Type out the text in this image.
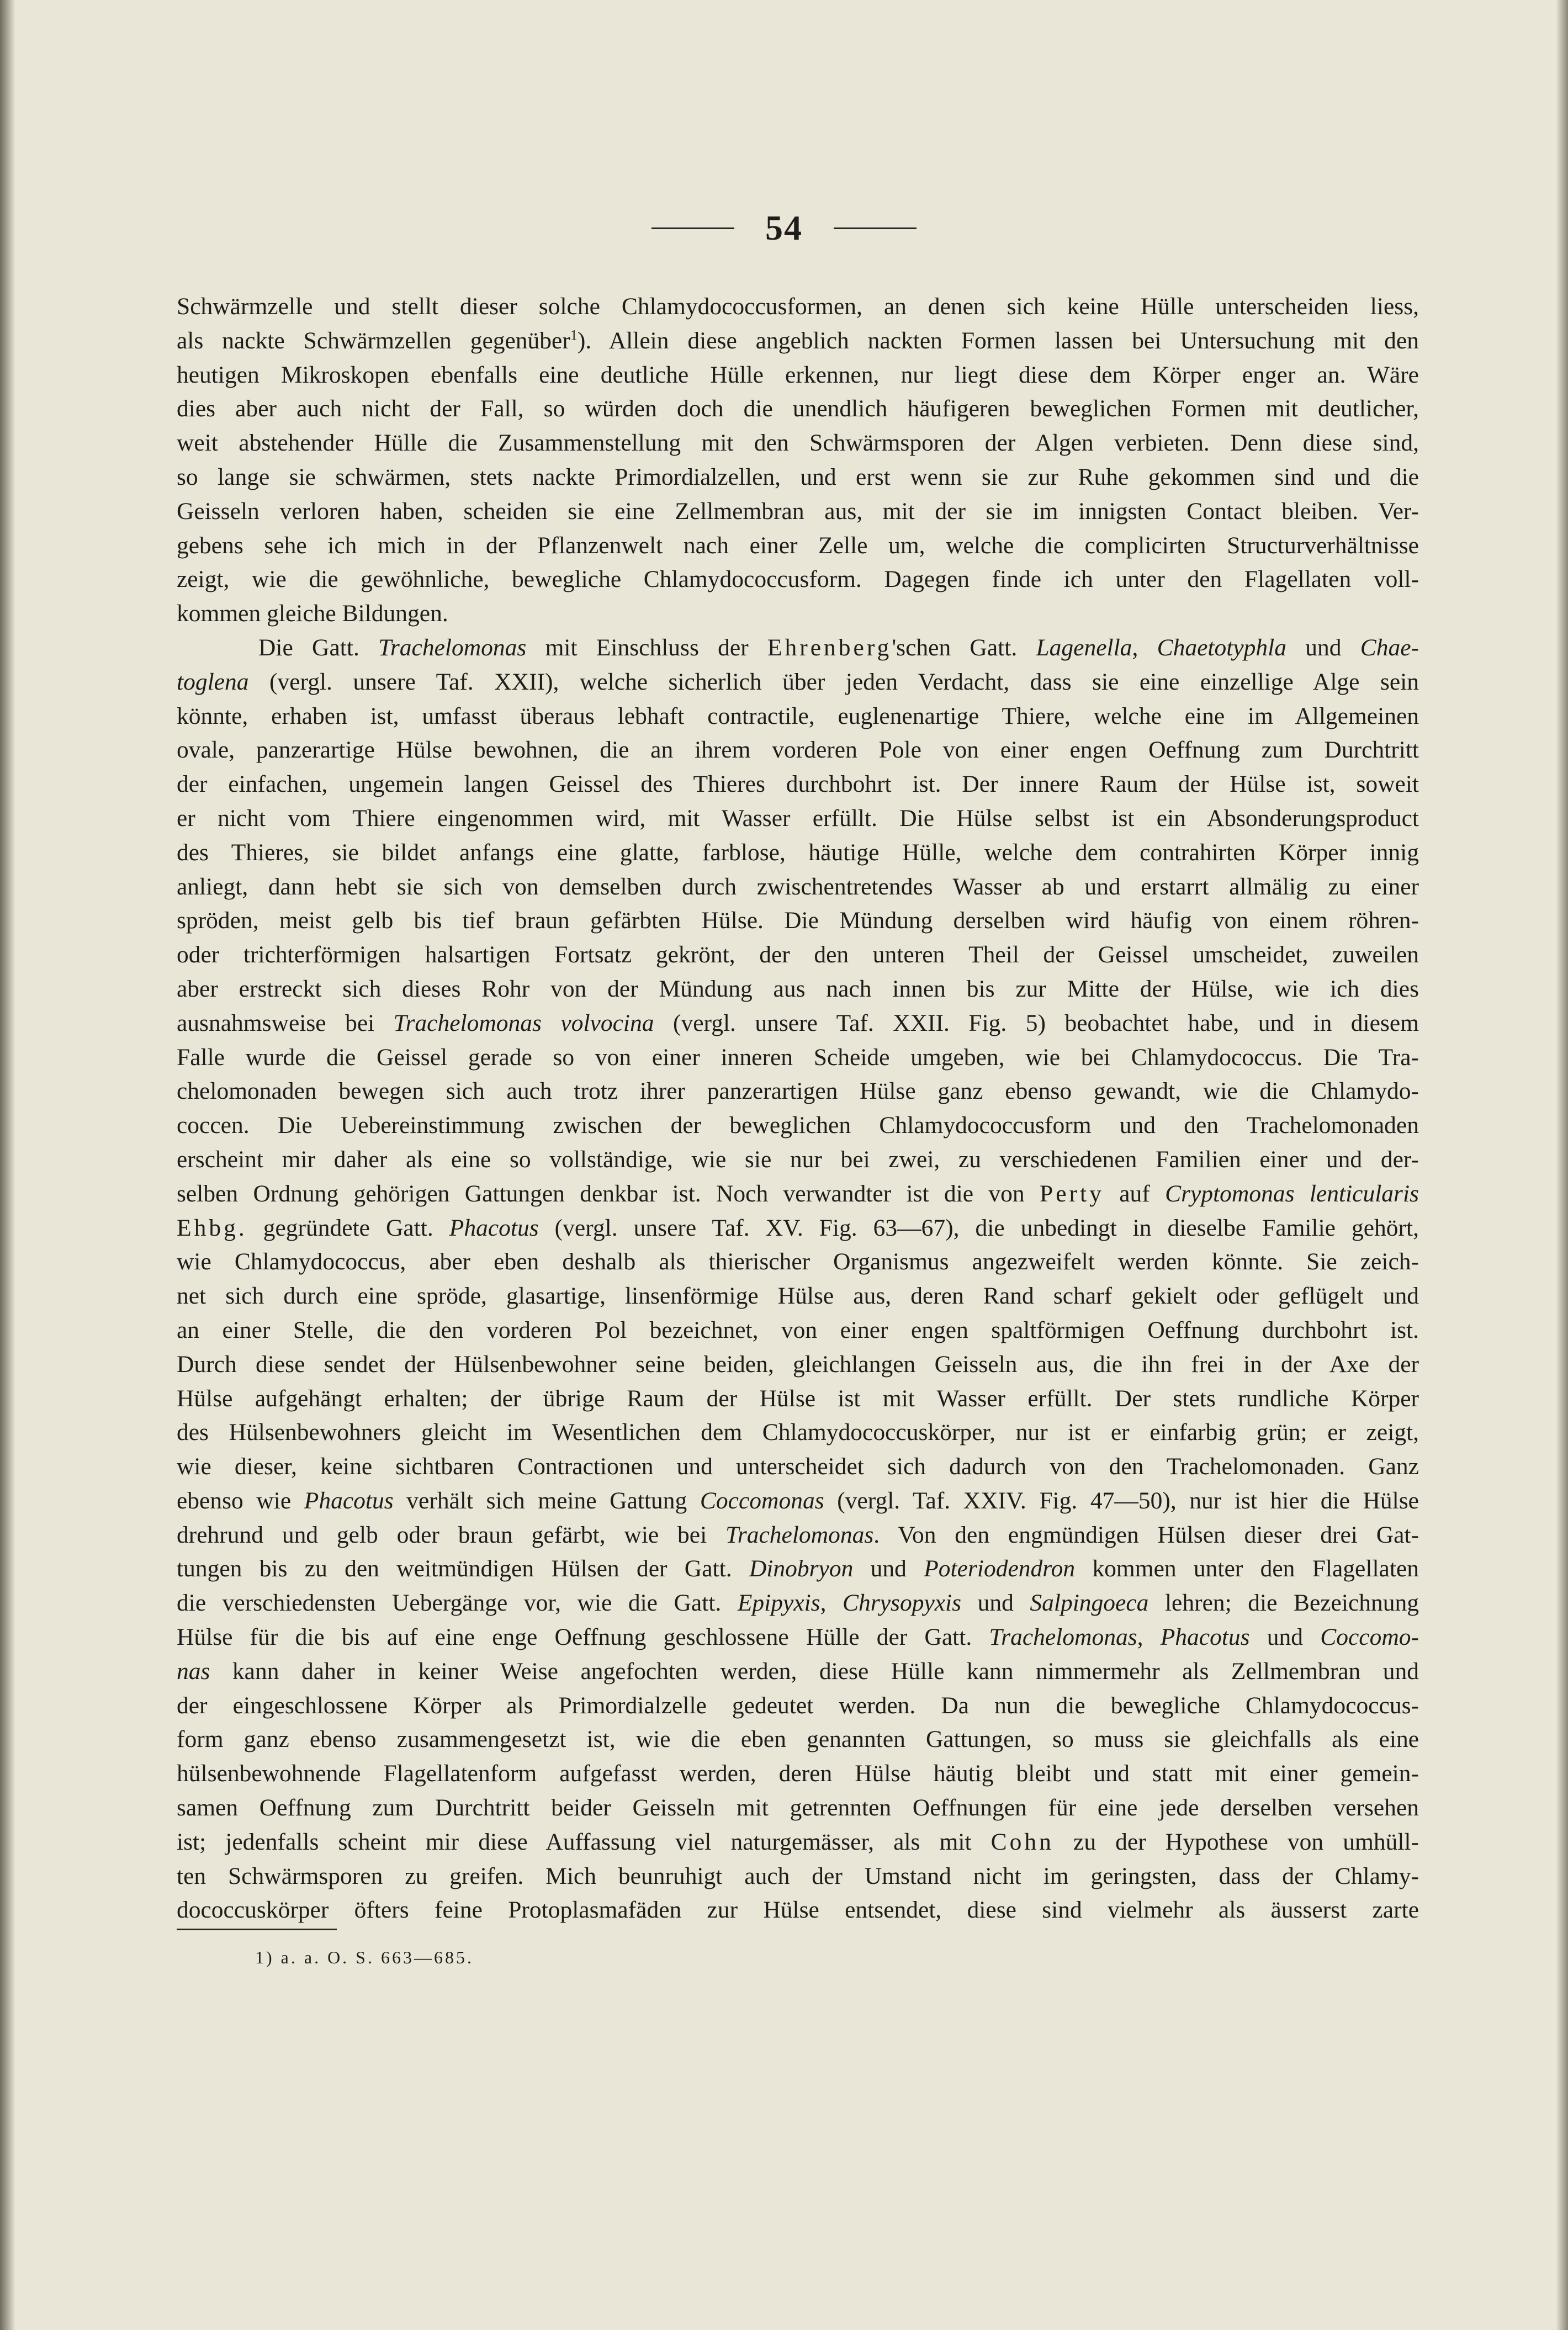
54
Schwärmzelle und stellt dieser solche Chlamydococcusformen, an denen sich keine Hülle unterscheiden liess,
als nackte Schwärmzellen gegenüber$^1$). Allein diese angeblich nackten Formen lassen bei Untersuchung mit den
heutigen Mikroskopen ebenfalls eine deutliche Hülle erkennen, nur liegt diese dem Körper enger an. Wäre
dies aber auch nicht der Fall, so würden doch die unendlich häufigeren beweglichen Formen mit deutlicher,
weit abstehender Hülle die Zusammenstellung mit den Schwärmsporen der Algen verbieten. Denn diese sind,
so lange sie schwärmen, stets nackte Primordialzellen, und erst wenn sie zur Ruhe gekommen sind und die
Geisseln verloren haben, scheiden sie eine Zellmembran aus, mit der sie im innigsten Contact bleiben. Ver-
gebens sehe ich mich in der Pflanzenwelt nach einer Zelle um, welche die complicirten Structurverhältnisse
zeigt, wie die gewöhnliche, bewegliche Chlamydococcusform. Dagegen finde ich unter den Flagellaten voll-
kommen gleiche Bildungen.
Die Gatt. Trachelomonas mit Einschluss der Ehrenberg'schen Gatt. Lagenella, Chaetotyphla und Chae-
toglena (vergl. unsere Taf. XXII), welche sicherlich über jeden Verdacht, dass sie eine einzellige Alge sein
könnte, erhaben ist, umfasst überaus lebhaft contractile, euglenenartige Thiere, welche eine im Allgemeinen
ovale, panzerartige Hülse bewohnen, die an ihrem vorderen Pole von einer engen Oeffnung zum Durchtritt
der einfachen, ungemein langen Geissel des Thieres durchbohrt ist. Der innere Raum der Hülse ist, soweit
er nicht vom Thiere eingenommen wird, mit Wasser erfüllt. Die Hülse selbst ist ein Absonderungsproduct
des Thieres, sie bildet anfangs eine glatte, farblose, häutige Hülle, welche dem contrahirten Körper innig
anliegt, dann hebt sie sich von demselben durch zwischentretendes Wasser ab und erstarrt allmälig zu einer
spröden, meist gelb bis tief braun gefärbten Hülse. Die Mündung derselben wird häufig von einem röhren-
oder trichterförmigen halsartigen Fortsatz gekrönt, der den unteren Theil der Geissel umscheidet, zuweilen
aber erstreckt sich dieses Rohr von der Mündung aus nach innen bis zur Mitte der Hülse, wie ich dies
ausnahmsweise bei Trachelomonas volvocina (vergl. unsere Taf. XXII. Fig. 5) beobachtet habe, und in diesem
Falle wurde die Geissel gerade so von einer inneren Scheide umgeben, wie bei Chlamydococcus. Die Tra-
chelomonaden bewegen sich auch trotz ihrer panzerartigen Hülse ganz ebenso gewandt, wie die Chlamydo-
coccen. Die Uebereinstimmung zwischen der beweglichen Chlamydococcusform und den Trachelomonaden
erscheint mir daher als eine so vollständige, wie sie nur bei zwei, zu verschiedenen Familien einer und der-
selben Ordnung gehörigen Gattungen denkbar ist. Noch verwandter ist die von Perty auf Cryptomonas lenticularis
Ehbg. gegründete Gatt. Phacotus (vergl. unsere Taf. XV. Fig. 63—67), die unbedingt in dieselbe Familie gehört,
wie Chlamydococcus, aber eben deshalb als thierischer Organismus angezweifelt werden könnte. Sie zeich-
net sich durch eine spröde, glasartige, linsenförmige Hülse aus, deren Rand scharf gekielt oder geflügelt und
an einer Stelle, die den vorderen Pol bezeichnet, von einer engen spaltförmigen Oeffnung durchbohrt ist.
Durch diese sendet der Hülsenbewohner seine beiden, gleichlangen Geisseln aus, die ihn frei in der Axe der
Hülse aufgehängt erhalten; der übrige Raum der Hülse ist mit Wasser erfüllt. Der stets rundliche Körper
des Hülsenbewohners gleicht im Wesentlichen dem Chlamydococcuskörper, nur ist er einfarbig grün; er zeigt,
wie dieser, keine sichtbaren Contractionen und unterscheidet sich dadurch von den Trachelomonaden. Ganz
ebenso wie Phacotus verhält sich meine Gattung Coccomonas (vergl. Taf. XXIV. Fig. 47—50), nur ist hier die Hülse
drehrund und gelb oder braun gefärbt, wie bei Trachelomonas. Von den engmündigen Hülsen dieser drei Gat-
tungen bis zu den weitmündigen Hülsen der Gatt. Dinobryon und Poteriodendron kommen unter den Flagellaten
die verschiedensten Uebergänge vor, wie die Gatt. Epipyxis, Chrysopyxis und Salpingoeca lehren; die Bezeichnung
Hülse für die bis auf eine enge Oeffnung geschlossene Hülle der Gatt. Trachelomonas, Phacotus und Coccomo-
nas kann daher in keiner Weise angefochten werden, diese Hülle kann nimmermehr als Zellmembran und
der eingeschlossene Körper als Primordialzelle gedeutet werden. Da nun die bewegliche Chlamydococcus-
form ganz ebenso zusammengesetzt ist, wie die eben genannten Gattungen, so muss sie gleichfalls als eine
hülsenbewohnende Flagellatenform aufgefasst werden, deren Hülse häutig bleibt und statt mit einer gemein-
samen Oeffnung zum Durchtritt beider Geisseln mit getrennten Oeffnungen für eine jede derselben versehen
ist; jedenfalls scheint mir diese Auffassung viel naturgemässer, als mit Cohn zu der Hypothese von umhüll-
ten Schwärmsporen zu greifen. Mich beunruhigt auch der Umstand nicht im geringsten, dass der Chlamy-
dococcuskörper öfters feine Protoplasmafäden zur Hülse entsendet, diese sind vielmehr als äusserst zarte
1) a. a. O. S. 663—685.
